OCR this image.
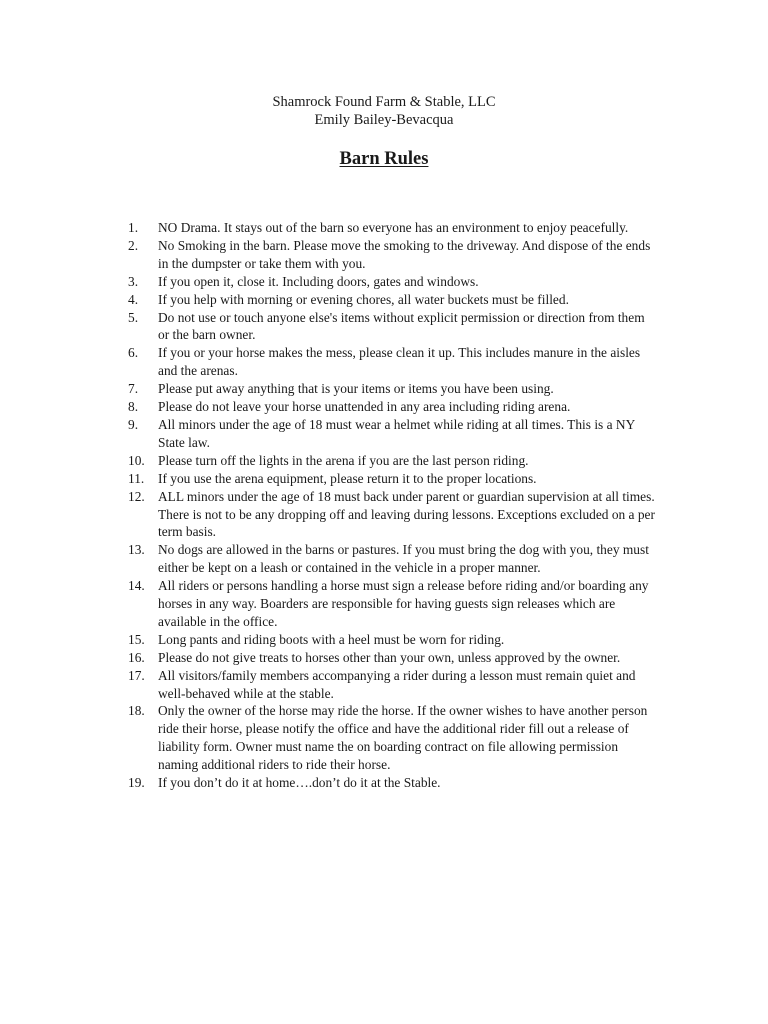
Shamrock Found Farm & Stable, LLC
Emily Bailey-Bevacqua
Barn Rules
1.	NO Drama. It stays out of the barn so everyone has an environment to enjoy peacefully.
2.	No Smoking in the barn. Please move the smoking to the driveway. And dispose of the ends in the dumpster or take them with you.
3.	If you open it, close it. Including doors, gates and windows.
4.	If you help with morning or evening chores, all water buckets must be filled.
5.	Do not use or touch anyone else's items without explicit permission or direction from them or the barn owner.
6.	If you or your horse makes the mess, please clean it up. This includes manure in the aisles and the arenas.
7.	Please put away anything that is your items or items you have been using.
8.	Please do not leave your horse unattended in any area including riding arena.
9.	All minors under the age of 18 must wear a helmet while riding at all times. This is a NY State law.
10. Please turn off the lights in the arena if you are the last person riding.
11.	If you use the arena equipment, please return it to the proper locations.
12. ALL minors under the age of 18 must back under parent or guardian supervision at all times. There is not to be any dropping off and leaving during lessons. Exceptions excluded on a per term basis.
13. No dogs are allowed in the barns or pastures. If you must bring the dog with you, they must either be kept on a leash or contained in the vehicle in a proper manner.
14. All riders or persons handling a horse must sign a release before riding and/or boarding any horses in any way. Boarders are responsible for having guests sign releases which are available in the office.
15. Long pants and riding boots with a heel must be worn for riding.
16. Please do not give treats to horses other than your own, unless approved by the owner.
17. All visitors/family members accompanying a rider during a lesson must remain quiet and well-behaved while at the stable.
18. Only the owner of the horse may ride the horse. If the owner wishes to have another person ride their horse, please notify the office and have the additional rider fill out a release of liability form. Owner must name the on boarding contract on file allowing permission naming additional riders to ride their horse.
19. If you don’t do it at home….don’t do it at the Stable.
